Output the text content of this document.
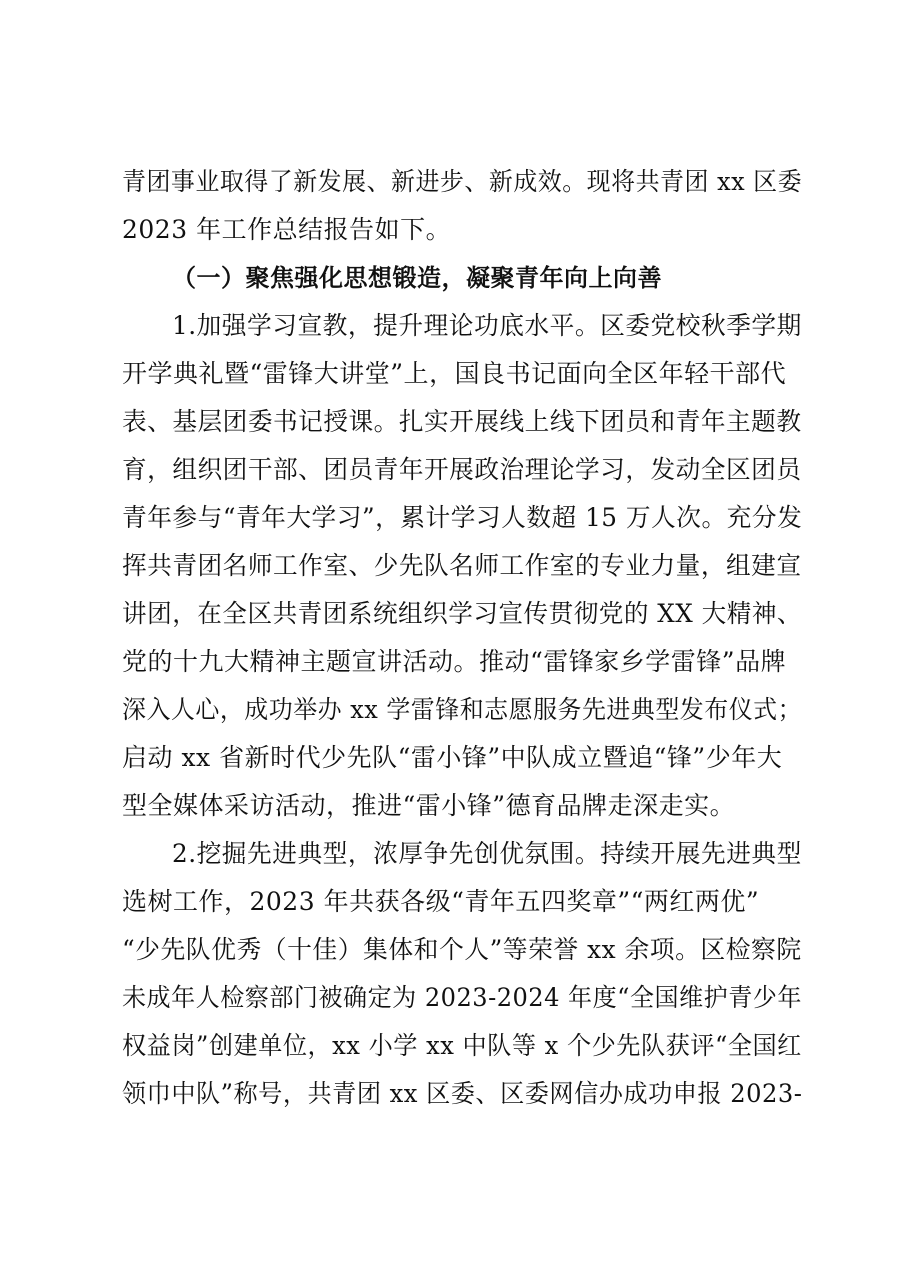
青团事业取得了新发展、新进步、新成效。现将共青团 xx 区委
2023 年工作总结报告如下。
（一）聚焦强化思想锻造，凝聚青年向上向善
1.加强学习宣教，提升理论功底水平。区委党校秋季学期
开学典礼暨“雷锋大讲堂”上，国良书记面向全区年轻干部代
表、基层团委书记授课。扎实开展线上线下团员和青年主题教
育，组织团干部、团员青年开展政治理论学习，发动全区团员
青年参与“青年大学习”，累计学习人数超 15 万人次。充分发
挥共青团名师工作室、少先队名师工作室的专业力量，组建宣
讲团，在全区共青团系统组织学习宣传贯彻党的 XX 大精神、
党的十九大精神主题宣讲活动。推动“雷锋家乡学雷锋”品牌
深入人心，成功举办 xx 学雷锋和志愿服务先进典型发布仪式；
启动 xx 省新时代少先队“雷小锋”中队成立暨追“锋”少年大
型全媒体采访活动，推进“雷小锋”德育品牌走深走实。
2.挖掘先进典型，浓厚争先创优氛围。持续开展先进典型
选树工作，2023 年共获各级“青年五四奖章”“两红两优”
“少先队优秀（十佳）集体和个人”等荣誉 xx 余项。区检察院
未成年人检察部门被确定为 2023-2024 年度“全国维护青少年
权益岗”创建单位，xx 小学 xx 中队等 x 个少先队获评“全国红
领巾中队”称号，共青团 xx 区委、区委网信办成功申报 2023-
